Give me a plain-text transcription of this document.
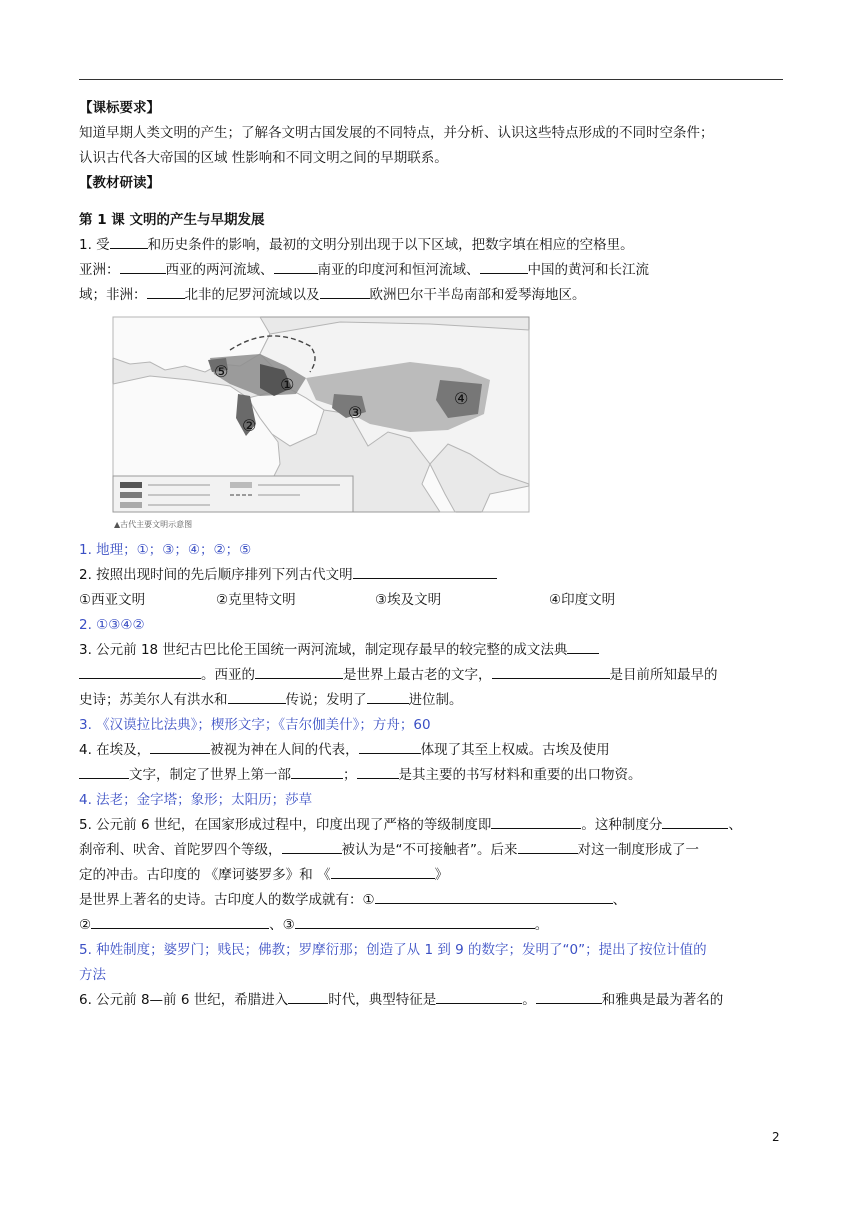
【课标要求】
知道早期人类文明的产生；了解各文明古国发展的不同特点，并分析、认识这些特点形成的不同时空条件；
认识古代各大帝国的区域 性影响和不同文明之间的早期联系。
【教材研读】
第 1 课 文明的产生与早期发展
1. 受	和历史条件的影响，最初的文明分别出现于以下区域，把数字填在相应的空格里。
亚洲：	西亚的两河流域、	南亚的印度河和恒河流域、	中国的黄河和长江流
域；非洲：	北非的尼罗河流域以及	欧洲巴尔干半岛南部和爱琴海地区。
⑤
①
②
③
④
▲古代主要文明示意图
1. 地理；①；③；④；②；⑤
2. 按照出现时间的先后顺序排列下列古代文明
①西亚文明	②克里特文明	③埃及文明	④印度文明
2. ①③④②
3. 公元前 18 世纪古巴比伦王国统一两河流域，制定现存最早的较完整的成文法典
。西亚的	是世界上最古老的文字，	是目前所知最早的
史诗；苏美尔人有洪水和	传说；发明了	进位制。
3. 《汉谟拉比法典》；楔形文字；《吉尔伽美什》；方舟；60
4. 在埃及，	被视为神在人间的代表，	体现了其至上权威。古埃及使用
文字，制定了世界上第一部	；	是其主要的书写材料和重要的出口物资。
4. 法老；金字塔；象形；太阳历；莎草
5. 公元前 6 世纪，在国家形成过程中，印度出现了严格的等级制度即	。这种制度分	、
刹帝利、吠舍、首陀罗四个等级，	被认为是“不可接触者”。后来	对这一制度形成了一
定的冲击。古印度的 《摩诃婆罗多》和 《	》
是世界上著名的史诗。古印度人的数学成就有：①	、
②	、③	。
5. 种姓制度；婆罗门；贱民；佛教；罗摩衍那；创造了从 1 到 9 的数字；发明了“0”；提出了按位计值的
方法
6. 公元前 8—前 6 世纪，希腊进入	时代，典型特征是	。	和雅典是最为著名的
2
